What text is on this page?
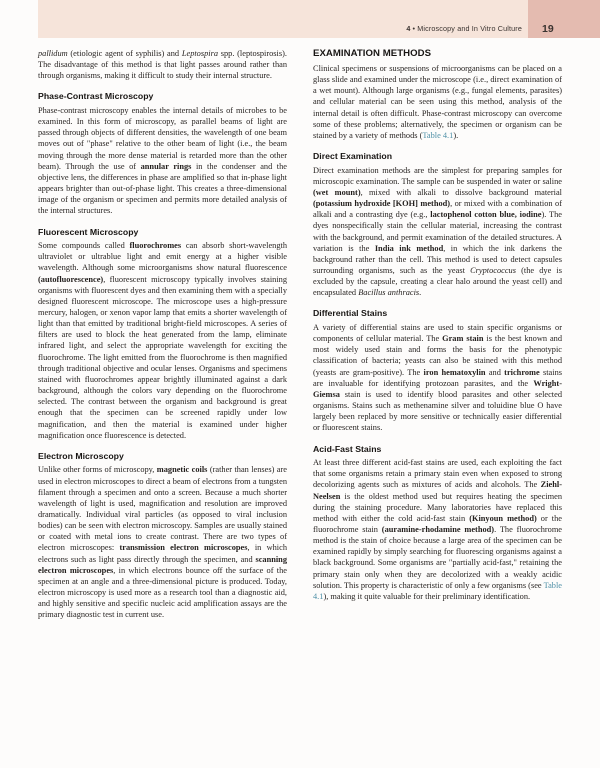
4 • Microscopy and In Vitro Culture 19

pallidum (etiologic agent of syphilis) and Leptospira spp. (leptospirosis). The disadvantage of this method is that light passes around rather than through organisms, making it difficult to study their internal structure.

Phase-Contrast Microscopy

Phase-contrast microscopy enables the internal details of microbes to be examined. In this form of microscopy, as parallel beams of light are passed through objects of different densities, the wavelength of one beam moves out of "phase" relative to the other beam of light (i.e., the beam moving through the more dense material is retarded more than the other beam). Through the use of annular rings in the condenser and the objective lens, the differences in phase are amplified so that in-phase light appears brighter than out-of-phase light. This creates a three-dimensional image of the organism or specimen and permits more detailed analysis of the internal structures.

Fluorescent Microscopy

Some compounds called fluorochromes can absorb short-wavelength ultraviolet or ultrablue light and emit energy at a higher visible wavelength. Although some microorganisms show natural fluorescence (autofluorescence), fluorescent microscopy typically involves staining organisms with fluorescent dyes and then examining them with a specially designed fluorescent microscope. The microscope uses a high-pressure mercury, halogen, or xenon vapor lamp that emits a shorter wavelength of light than that emitted by traditional bright-field microscopes. A series of filters are used to block the heat generated from the lamp, eliminate infrared light, and select the appropriate wavelength for exciting the fluorochrome. The light emitted from the fluorochrome is then magnified through traditional objective and ocular lenses. Organisms and specimens stained with fluorochromes appear brightly illuminated against a dark background, although the colors vary depending on the fluorochrome selected. The contrast between the organism and background is great enough that the specimen can be screened rapidly under low magnification, and then the material is examined under higher magnification once fluorescence is detected.

Electron Microscopy

Unlike other forms of microscopy, magnetic coils (rather than lenses) are used in electron microscopes to direct a beam of electrons from a tungsten filament through a specimen and onto a screen. Because a much shorter wavelength of light is used, magnification and resolution are improved dramatically. Individual viral particles (as opposed to viral inclusion bodies) can be seen with electron microscopy. Samples are usually stained or coated with metal ions to create contrast. There are two types of electron microscopes: transmission electron microscopes, in which electrons such as light pass directly through the specimen, and scanning electron microscopes, in which electrons bounce off the surface of the specimen at an angle and a three-dimensional picture is produced. Today, electron microscopy is used more as a research tool than a diagnostic aid, and highly sensitive and specific nucleic acid amplification assays are the primary diagnostic test in current use.

EXAMINATION METHODS

Clinical specimens or suspensions of microorganisms can be placed on a glass slide and examined under the microscope (i.e., direct examination of a wet mount). Although large organisms (e.g., fungal elements, parasites) and cellular material can be seen using this method, analysis of the internal detail is often difficult. Phase-contrast microscopy can overcome some of these problems; alternatively, the specimen or organism can be stained by a variety of methods (Table 4.1).

Direct Examination

Direct examination methods are the simplest for preparing samples for microscopic examination. The sample can be suspended in water or saline (wet mount), mixed with alkali to dissolve background material (potassium hydroxide [KOH] method), or mixed with a combination of alkali and a contrasting dye (e.g., lactophenol cotton blue, iodine). The dyes nonspecifically stain the cellular material, increasing the contrast with the background, and permit examination of the detailed structures. A variation is the India ink method, in which the ink darkens the background rather than the cell. This method is used to detect capsules surrounding organisms, such as the yeast Cryptococcus (the dye is excluded by the capsule, creating a clear halo around the yeast cell) and encapsulated Bacillus anthracis.

Differential Stains

A variety of differential stains are used to stain specific organisms or components of cellular material. The Gram stain is the best known and most widely used stain and forms the basis for the phenotypic classification of bacteria; yeasts can also be stained with this method (yeasts are gram-positive). The iron hematoxylin and trichrome stains are invaluable for identifying protozoan parasites, and the Wright-Giemsa stain is used to identify blood parasites and other selected organisms. Stains such as methenamine silver and toluidine blue O have largely been replaced by more sensitive or technically easier differential or fluorescent stains.

Acid-Fast Stains

At least three different acid-fast stains are used, each exploiting the fact that some organisms retain a primary stain even when exposed to strong decolorizing agents such as mixtures of acids and alcohols. The Ziehl-Neelsen is the oldest method used but requires heating the specimen during the staining procedure. Many laboratories have replaced this method with either the cold acid-fast stain (Kinyoun method) or the fluorochrome stain (auramine-rhodamine method). The fluorochrome method is the stain of choice because a large area of the specimen can be examined rapidly by simply searching for fluorescing organisms against a black background. Some organisms are "partially acid-fast," retaining the primary stain only when they are decolorized with a weakly acidic solution. This property is characteristic of only a few organisms (see Table 4.1), making it quite valuable for their preliminary identification.
